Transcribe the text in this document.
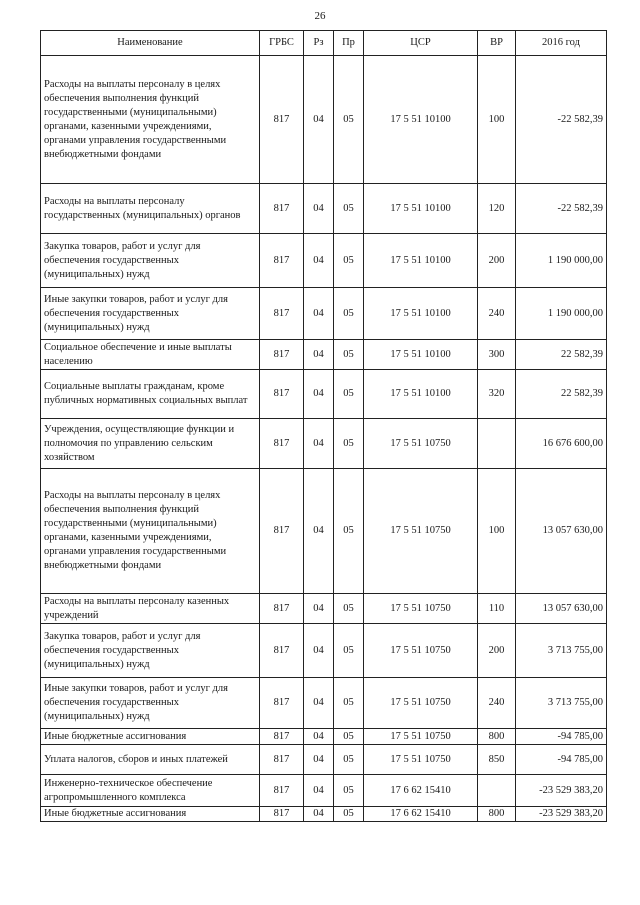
26
Наименование	ГРБС	Рз	Пр	ЦСР	ВР	2016 год
Расходы на выплаты персоналу в целях обеспечения выполнения функций государственными (муниципальными) органами, казенными учреждениями, органами управления государственными внебюджетными фондами	817	04	05	17 5 51 10100	100	-22 582,39
Расходы на выплаты персоналу государственных (муниципальных) органов	817	04	05	17 5 51 10100	120	-22 582,39
Закупка товаров, работ и услуг для обеспечения государственных (муниципальных) нужд	817	04	05	17 5 51 10100	200	1 190 000,00
Иные закупки товаров, работ и услуг для обеспечения государственных (муниципальных) нужд	817	04	05	17 5 51 10100	240	1 190 000,00
Социальное обеспечение и иные выплаты населению	817	04	05	17 5 51 10100	300	22 582,39
Социальные выплаты гражданам, кроме публичных нормативных социальных выплат	817	04	05	17 5 51 10100	320	22 582,39
Учреждения, осуществляющие функции и полномочия по управлению сельским хозяйством	817	04	05	17 5 51 10750		16 676 600,00
Расходы на выплаты персоналу в целях обеспечения выполнения функций государственными (муниципальными) органами, казенными учреждениями, органами управления государственными внебюджетными фондами	817	04	05	17 5 51 10750	100	13 057 630,00
Расходы на выплаты персоналу казенных учреждений	817	04	05	17 5 51 10750	110	13 057 630,00
Закупка товаров, работ и услуг для обеспечения государственных (муниципальных) нужд	817	04	05	17 5 51 10750	200	3 713 755,00
Иные закупки товаров, работ и услуг для обеспечения государственных (муниципальных) нужд	817	04	05	17 5 51 10750	240	3 713 755,00
Иные бюджетные ассигнования	817	04	05	17 5 51 10750	800	-94 785,00
Уплата налогов, сборов и иных платежей	817	04	05	17 5 51 10750	850	-94 785,00
Инженерно-техническое обеспечение агропромышленного комплекса	817	04	05	17 6 62 15410		-23 529 383,20
Иные бюджетные ассигнования	817	04	05	17 6 62 15410	800	-23 529 383,20
